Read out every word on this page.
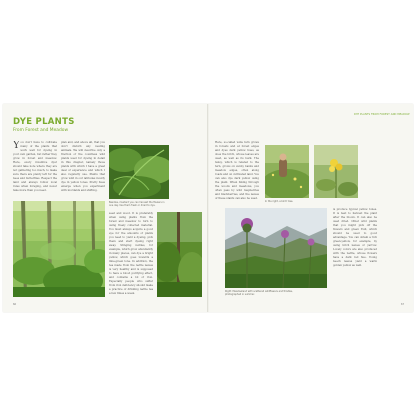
DYE PLANTS
From Forest and Meadow
You don't have to cultivate many of the plants that work well for dyeing in your own garden, but rather they grow in forest and meadow. Here, every inventive dyer should take note where they are not gathering too much, to make sure there are plenty left for the bees and butterflies. Respect the land and always follow local rules when foraging, and never take more than you need.
plan and, and above all, that you don't disturb any nesting animals. We will describe only a fraction of the countless wild plants used for dyeing in detail in this chapter, namely those plants with which I have a great deal of experience and which I also regularly use. Plants that grow wild in our latitudes mostly dye in yellow tones. Pretty hues emerge when you experiment with mordants and shifting.
Besides, mustard you can harvest the flowers in one day. Use them fresh or dried to dye.
seed and wood. It is preferably when using plants from the forest and meadow to turn to using freely collected material. You must always acquire a good eye for the amounts of plants you need to yield a dyeing, pick them and start dyeing right away. Stinging nettles, for example, which grow abundantly in many places, can dye a bright yellow, which goes towards a lime-green tone. In addition, the tea made from the nettle leaves is very healthy and is supposed to have a blood purifying effect, and contains a lot of iron. Especially people who suffer from iron deficiency should make a practice of drinking nettle tea a few times a week.
66
DYE PLANTS FROM FOREST AND MEADOW
Here, so-called wide fern grows in forests and at forest edges and dyes dark yellow hues, as does the birch, whose leaves are used, as well as its bark. The tansy, which is related to the fern, grows on sunny banks and meadow edges, often along roads and on cultivated land. You can also dye dark yellow using the plant. When hiking through the woods and meadows, you often pass by wild raspberries and blackberries, and the leaves of these plants can also be used.
In the right, a birch tree.
Right: Meadowland with scattered wildflowers and thistles, photographed in summer.
is produce typical yellow tones. It is best to harvest the plant after the bloom. It can also be used dried. Other wild plants that you might pick off the flowers and green fruit, which should be used to good advantage. You can obtain a rich green-yellow, for example, by using birch leaves or yarrow. Lovely colors are also produced with the nettle, whose flowers have a dark red hue. Young beech leaves yield a warm golden yellow as well.
67
